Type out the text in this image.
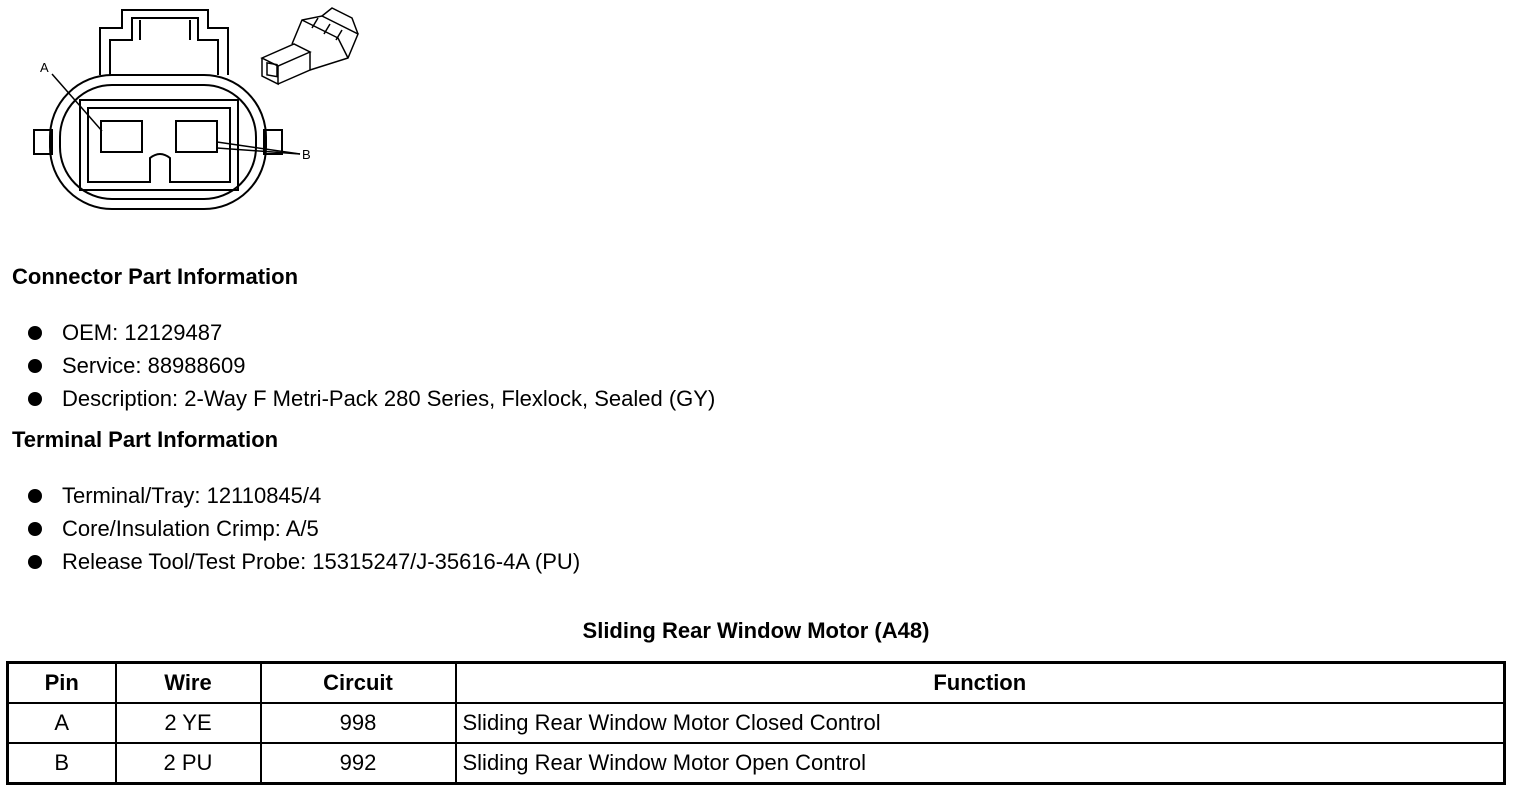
A
B
Connector Part Information
OEM: 12129487
Service: 88988609
Description: 2-Way F Metri-Pack 280 Series, Flexlock, Sealed (GY)
Terminal Part Information
Terminal/Tray: 12110845/4
Core/Insulation Crimp: A/5
Release Tool/Test Probe: 15315247/J-35616-4A (PU)
Sliding Rear Window Motor (A48)
Pin	Wire	Circuit	Function
A	2 YE	998	Sliding Rear Window Motor Closed Control
B	2 PU	992	Sliding Rear Window Motor Open Control
